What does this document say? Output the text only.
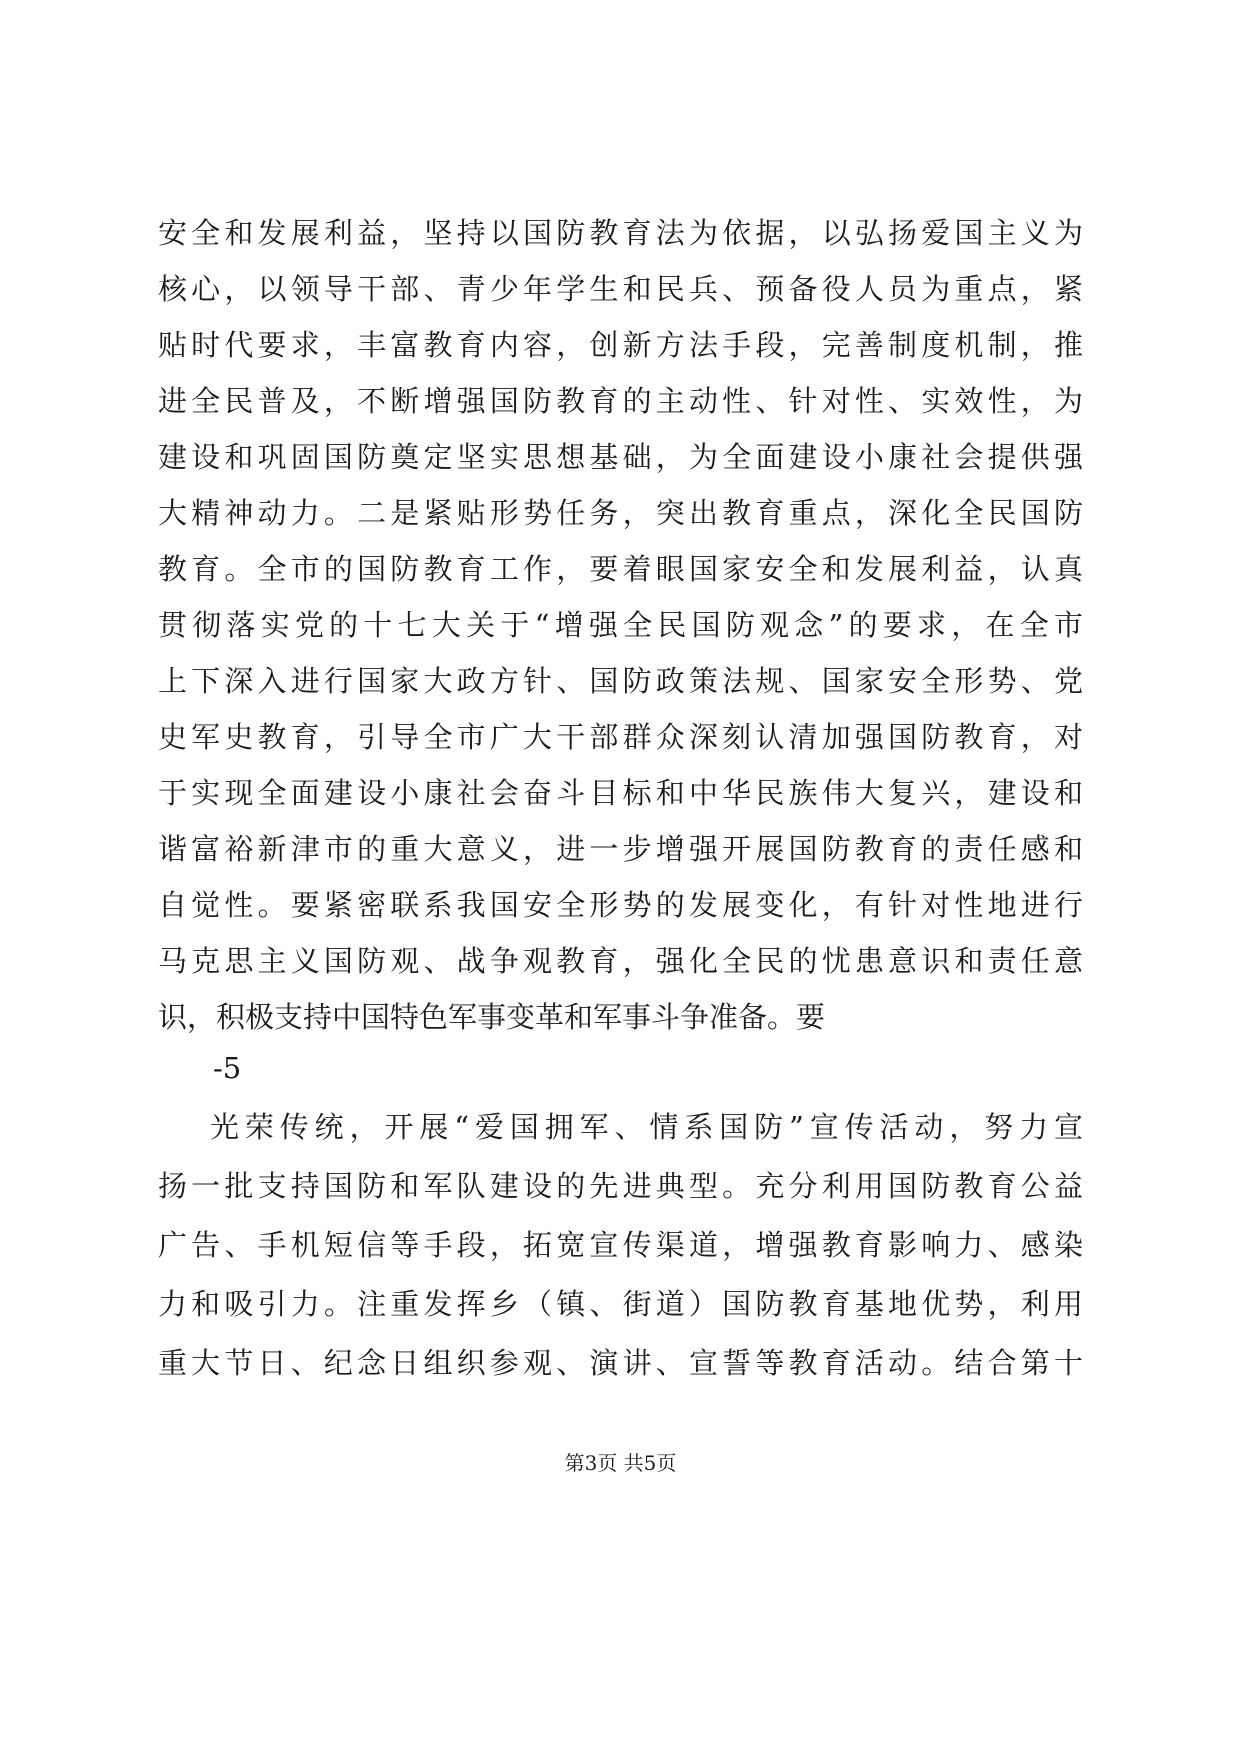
安全和发展利益，坚持以国防教育法为依据，以弘扬爱国主义为
核心，以领导干部、青少年学生和民兵、预备役人员为重点，紧
贴时代要求，丰富教育内容，创新方法手段，完善制度机制，推
进全民普及，不断增强国防教育的主动性、针对性、实效性，为
建设和巩固国防奠定坚实思想基础，为全面建设小康社会提供强
大精神动力。二是紧贴形势任务，突出教育重点，深化全民国防
教育。全市的国防教育工作，要着眼国家安全和发展利益，认真
贯彻落实党的十七大关于“增强全民国防观念”的要求，在全市
上下深入进行国家大政方针、国防政策法规、国家安全形势、党
史军史教育，引导全市广大干部群众深刻认清加强国防教育，对
于实现全面建设小康社会奋斗目标和中华民族伟大复兴，建设和
谐富裕新津市的重大意义，进一步增强开展国防教育的责任感和
自觉性。要紧密联系我国安全形势的发展变化，有针对性地进行
马克思主义国防观、战争观教育，强化全民的忧患意识和责任意
识，积极支持中国特色军事变革和军事斗争准备。要
-5
光荣传统，开展“爱国拥军、情系国防”宣传活动，努力宣
扬一批支持国防和军队建设的先进典型。充分利用国防教育公益
广告、手机短信等手段，拓宽宣传渠道，增强教育影响力、感染
力和吸引力。注重发挥乡（镇、街道）国防教育基地优势，利用
重大节日、纪念日组织参观、演讲、宣誓等教育活动。结合第十
第3页 共5页
